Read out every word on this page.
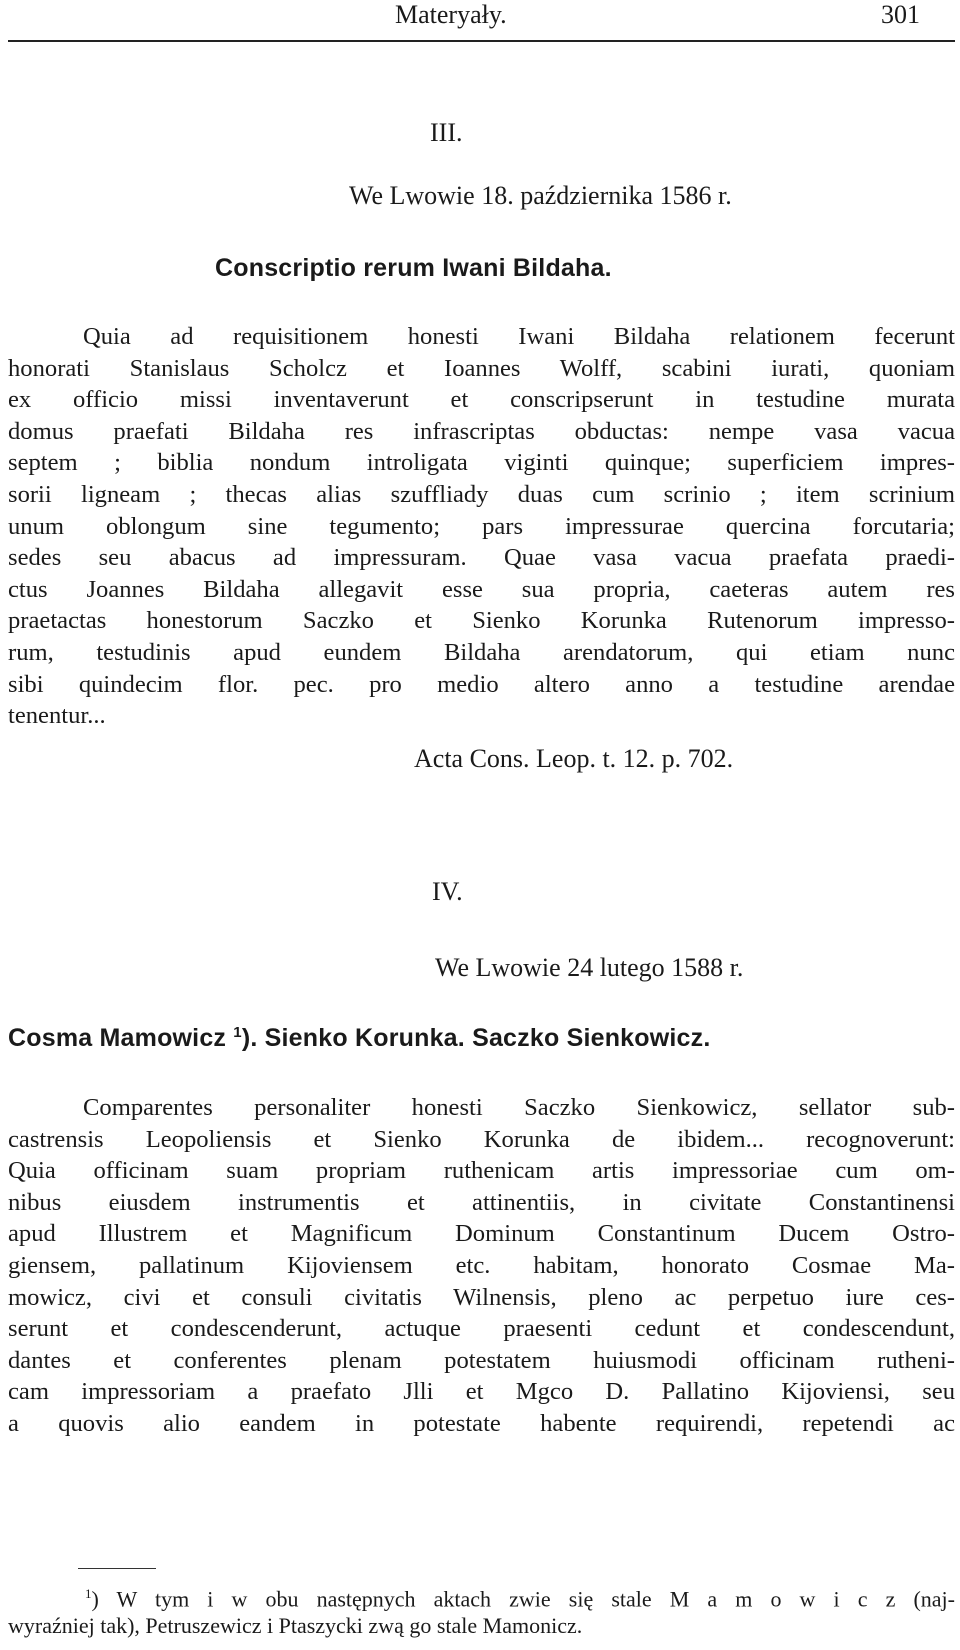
Materyały.	301
III.
We Lwowie 18. października 1586 r.
Conscriptio rerum Iwani Bildaha.
Quia ad requisitionem honesti Iwani Bildaha relationem fecerunt
honorati Stanislaus Scholcz et Ioannes Wolff, scabini iurati, quoniam
ex officio missi inventaverunt et conscripserunt in testudine murata
domus praefati Bildaha res infrascriptas obductas: nempe vasa vacua
septem ; biblia nondum introligata viginti quinque; superficiem impres-
sorii ligneam ; thecas alias szuffliady duas cum scrinio ; item scrinium
unum oblongum sine tegumento; pars impressurae quercina forcutaria;
sedes seu abacus ad impressuram. Quae vasa vacua praefata praedi-
ctus Joannes Bildaha allegavit esse sua propria, caeteras autem res
praetactas honestorum Saczko et Sienko Korunka Rutenorum impresso-
rum, testudinis apud eundem Bildaha arendatorum, qui etiam nunc
sibi quindecim flor. pec. pro medio altero anno a testudine arendae
tenentur...
Acta Cons. Leop. t. 12. p. 702.
IV.
We Lwowie 24 lutego 1588 r.
Cosma Mamowicz $^1$). Sienko Korunka. Saczko Sienkowicz.
Comparentes personaliter honesti Saczko Sienkowicz, sellator sub-
castrensis Leopoliensis et Sienko Korunka de ibidem... recognoverunt:
Quia officinam suam propriam ruthenicam artis impressoriae cum om-
nibus eiusdem instrumentis et attinentiis, in civitate Constantinensi
apud Illustrem et Magnificum Dominum Constantinum Ducem Ostro-
giensem, pallatinum Kijoviensem etc. habitam, honorato Cosmae Ma-
mowicz, civi et consuli civitatis Wilnensis, pleno ac perpetuo iure ces-
serunt et condescenderunt, actuque praesenti cedunt et condescendunt,
dantes et conferentes plenam potestatem huiusmodi officinam rutheni-
cam impressoriam a praefato Jlli et Mgco D. Pallatino Kijoviensi, seu
a quovis alio eandem in potestate habente requirendi, repetendi ac
$^1$) W tym i w obu następnych aktach zwie się stale M a m o w i c z (naj-
wyraźniej tak), Petruszewicz i Ptaszycki zwą go stale Mamonicz.
